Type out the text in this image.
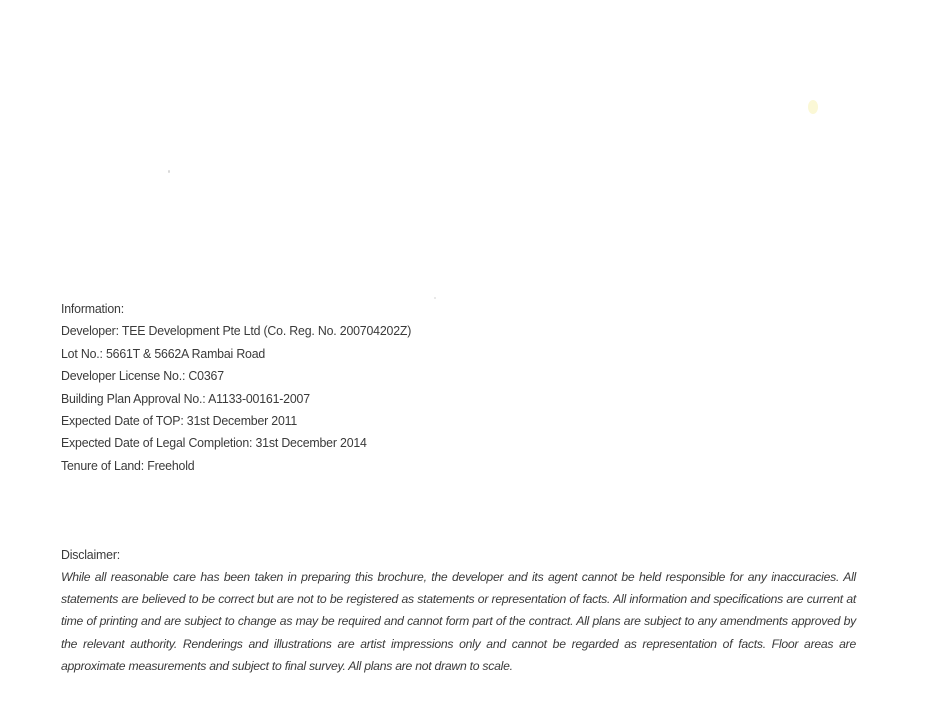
Information:
Developer: TEE Development Pte Ltd (Co. Reg. No. 200704202Z)
Lot No.: 5661T & 5662A Rambai Road
Developer License No.: C0367
Building Plan Approval No.: A1133-00161-2007
Expected Date of TOP: 31st December 2011
Expected Date of Legal Completion: 31st December 2014
Tenure of Land: Freehold
Disclaimer:

While all reasonable care has been taken in preparing this brochure, the developer and its agent cannot be held responsible for any inaccuracies. All statements are believed to be correct but are not to be registered as statements or representation of facts. All information and specifications are current at time of printing and are subject to change as may be required and cannot form part of the contract. All plans are subject to any amendments approved by the relevant authority. Renderings and illustrations are artist impressions only and cannot be regarded as representation of facts. Floor areas are approximate measurements and subject to final survey. All plans are not drawn to scale.
